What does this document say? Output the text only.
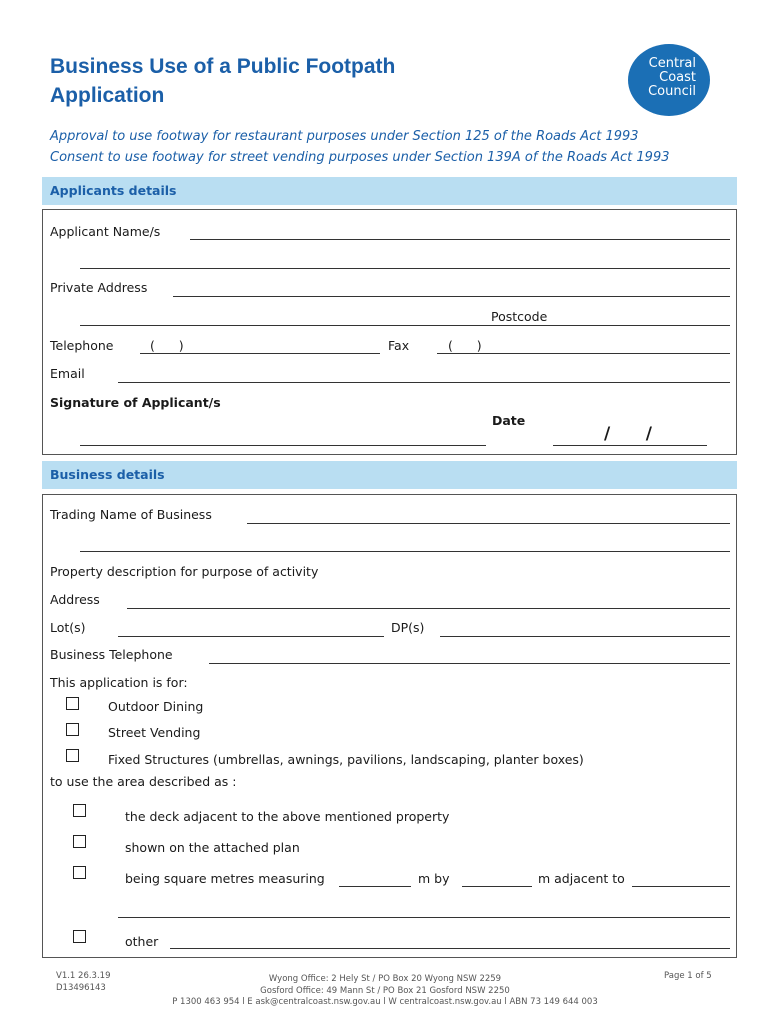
Business Use of a Public Footpath
Application
Central
Coast
Council
Approval to use footway for restaurant purposes under Section 125 of the Roads Act 1993
Consent to use footway for street vending purposes under Section 139A of the Roads Act 1993
Applicants details
Applicant Name/s
Private Address
Postcode
Telephone	(      )	Fax	(      )
Email
Signature of Applicant/s
Date
/      /
Business details
Trading Name of Business
Property description for purpose of activity
Address
Lot(s)	DP(s)
Business Telephone
This application is for:
Outdoor Dining
Street Vending
Fixed Structures (umbrellas, awnings, pavilions, landscaping, planter boxes)
to use the area described as :
the deck adjacent to the above mentioned property
shown on the attached plan
being square metres measuring	m by	m adjacent to
other
V1.1 26.3.19
D13496143
Wyong Office: 2 Hely St / PO Box 20 Wyong NSW 2259
Gosford Office: 49 Mann St / PO Box 21 Gosford NSW 2250
P 1300 463 954 l E ask@centralcoast.nsw.gov.au l W centralcoast.nsw.gov.au l ABN 73 149 644 003
Page 1 of 5
